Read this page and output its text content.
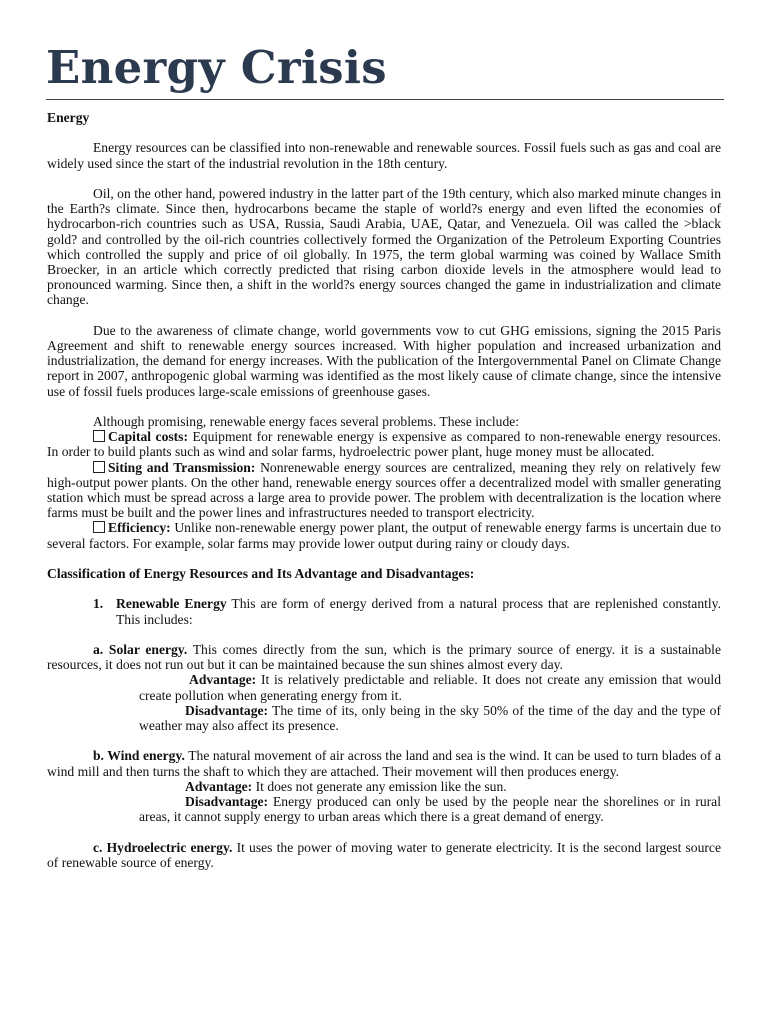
Energy Crisis

Energy

Energy resources can be classified into non-renewable and renewable sources. Fossil fuels such as gas and coal are widely used since the start of the industrial revolution in the 18th century.

Oil, on the other hand, powered industry in the latter part of the 19th century, which also marked minute changes in the Earth?s climate. Since then, hydrocarbons became the staple of world?s energy and even lifted the economies of hydrocarbon-rich countries such as USA, Russia, Saudi Arabia, UAE, Qatar, and Venezuela. Oil was called the >black gold? and controlled by the oil-rich countries collectively formed the Organization of the Petroleum Exporting Countries which controlled the supply and price of oil globally. In 1975, the term global warming was coined by Wallace Smith Broecker, in an article which correctly predicted that rising carbon dioxide levels in the atmosphere would lead to pronounced warming. Since then, a shift in the world?s energy sources changed the game in industrialization and climate change.

Due to the awareness of climate change, world governments vow to cut GHG emissions, signing the 2015 Paris Agreement and shift to renewable energy sources increased. With higher population and increased urbanization and industrialization, the demand for energy increases. With the publication of the Intergovernmental Panel on Climate Change report in 2007, anthropogenic global warming was identified as the most likely cause of climate change, since the intensive use of fossil fuels produces large-scale emissions of greenhouse gases.

Although promising, renewable energy faces several problems. These include:

Capital costs: Equipment for renewable energy is expensive as compared to non-renewable energy resources. In order to build plants such as wind and solar farms, hydroelectric power plant, huge money must be allocated.

Siting and Transmission: Nonrenewable energy sources are centralized, meaning they rely on relatively few high-output power plants. On the other hand, renewable energy sources offer a decentralized model with smaller generating station which must be spread across a large area to provide power. The problem with decentralization is the location where farms must be built and the power lines and infrastructures needed to transport electricity.

Efficiency: Unlike non-renewable energy power plant, the output of renewable energy farms is uncertain due to several factors. For example, solar farms may provide lower output during rainy or cloudy days.

Classification of Energy Resources and Its Advantage and Disadvantages:

1. Renewable Energy This are form of energy derived from a natural process that are replenished constantly. This includes:

a. Solar energy. This comes directly from the sun, which is the primary source of energy. it is a sustainable resources, it does not run out but it can be maintained because the sun shines almost every day.

Advantage: It is relatively predictable and reliable. It does not create any emission that would create pollution when generating energy from it.

Disadvantage: The time of its, only being in the sky 50% of the time of the day and the type of weather may also affect its presence.

b. Wind energy. The natural movement of air across the land and sea is the wind. It can be used to turn blades of a wind mill and then turns the shaft to which they are attached. Their movement will then produces energy.

Advantage: It does not generate any emission like the sun.

Disadvantage: Energy produced can only be used by the people near the shorelines or in rural areas, it cannot supply energy to urban areas which there is a great demand of energy.

c. Hydroelectric energy. It uses the power of moving water to generate electricity. It is the second largest source of renewable source of energy.
